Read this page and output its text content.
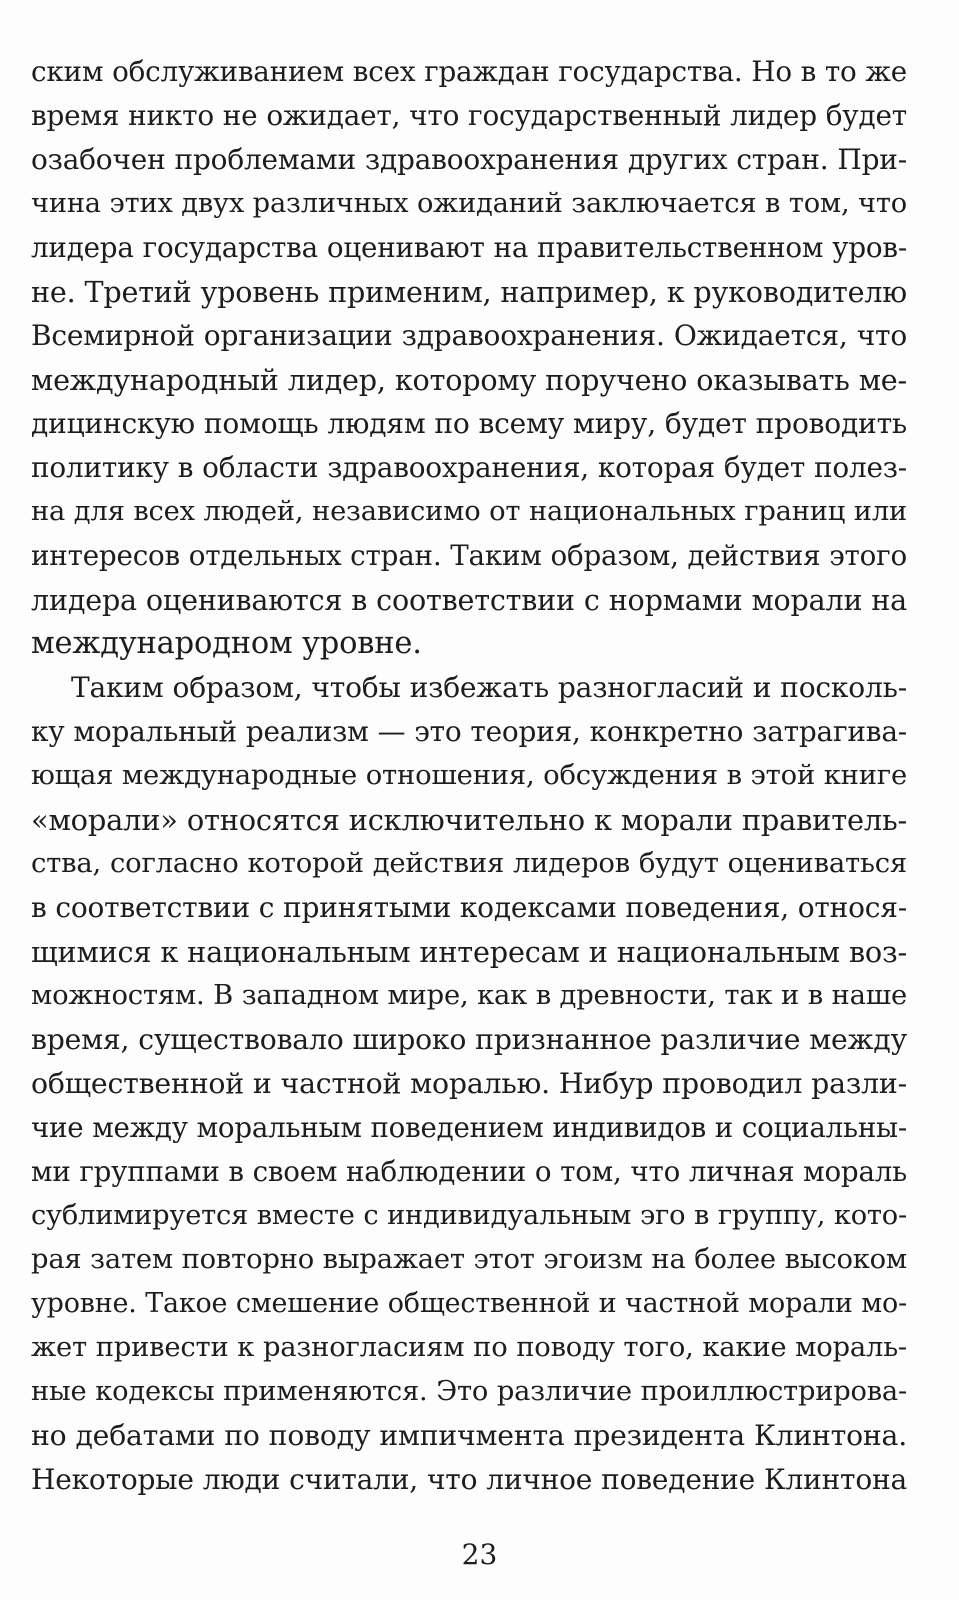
ским обслуживанием всех граждан государства. Но в то же
время никто не ожидает, что государственный лидер будет
озабочен проблемами здравоохранения других стран. При-
чина этих двух различных ожиданий заключается в том, что
лидера государства оценивают на правительственном уров-
не. Третий уровень применим, например, к руководителю
Всемирной организации здравоохранения. Ожидается, что
международный лидер, которому поручено оказывать ме-
дицинскую помощь людям по всему миру, будет проводить
политику в области здравоохранения, которая будет полез-
на для всех людей, независимо от национальных границ или
интересов отдельных стран. Таким образом, действия этого
лидера оцениваются в соответствии с нормами морали на
международном уровне.
Таким образом, чтобы избежать разногласий и посколь-
ку моральный реализм — это теория, конкретно затрагива-
ющая международные отношения, обсуждения в этой книге
«морали» относятся исключительно к морали правитель-
ства, согласно которой действия лидеров будут оцениваться
в соответствии с принятыми кодексами поведения, относя-
щимися к национальным интересам и национальным воз-
можностям. В западном мире, как в древности, так и в наше
время, существовало широко признанное различие между
общественной и частной моралью. Нибур проводил разли-
чие между моральным поведением индивидов и социальны-
ми группами в своем наблюдении о том, что личная мораль
сублимируется вместе с индивидуальным эго в группу, кото-
рая затем повторно выражает этот эгоизм на более высоком
уровне. Такое смешение общественной и частной морали мо-
жет привести к разногласиям по поводу того, какие мораль-
ные кодексы применяются. Это различие проиллюстрирова-
но дебатами по поводу импичмента президента Клинтона.
Некоторые люди считали, что личное поведение Клинтона
23
